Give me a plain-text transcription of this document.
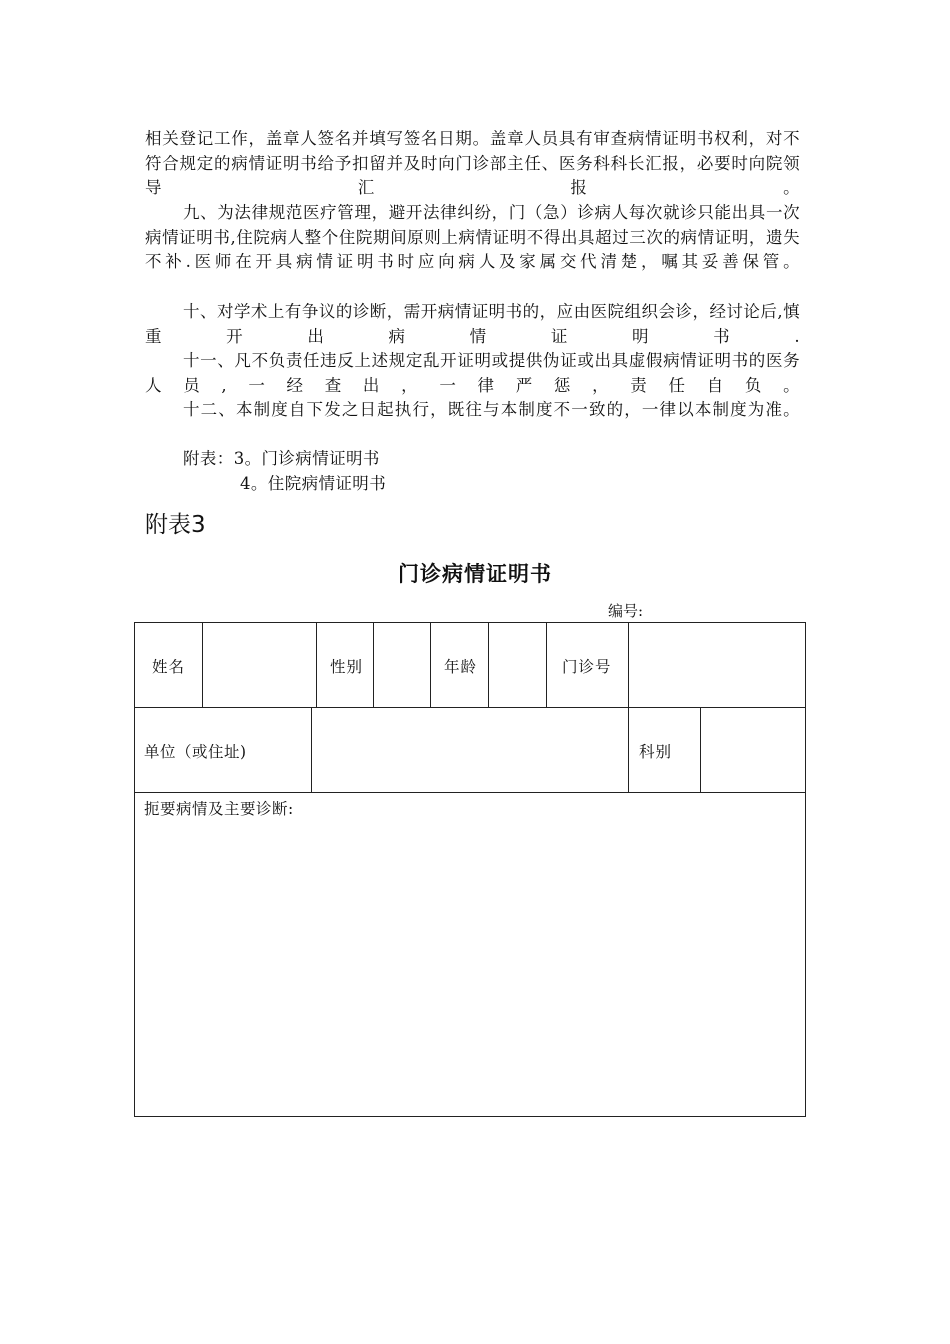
相关登记工作，盖章人签名并填写签名日期。盖章人员具有审查病情证明书权利，对不符合规定的病情证明书给予扣留并及时向门诊部主任、医务科科长汇报，必要时向院领导汇报。
九、为法律规范医疗管理，避开法律纠纷，门（急）诊病人每次就诊只能出具一次病情证明书,住院病人整个住院期间原则上病情证明不得出具超过三次的病情证明，遗失不补.医师在开具病情证明书时应向病人及家属交代清楚，嘱其妥善保管。
十、对学术上有争议的诊断，需开病情证明书的，应由医院组织会诊，经讨论后,慎重开出病情证明书.
十一、凡不负责任违反上述规定乱开证明或提供伪证或出具虚假病情证明书的医务人员,一经查出，一律严惩，责任自负。
十二、本制度自下发之日起执行，既往与本制度不一致的，一律以本制度为准。
附表：3。门诊病情证明书
4。住院病情证明书
附表3
门诊病情证明书
编号:
姓名	性别	年龄	门诊号
单位（或住址)	科别
扼要病情及主要诊断:
